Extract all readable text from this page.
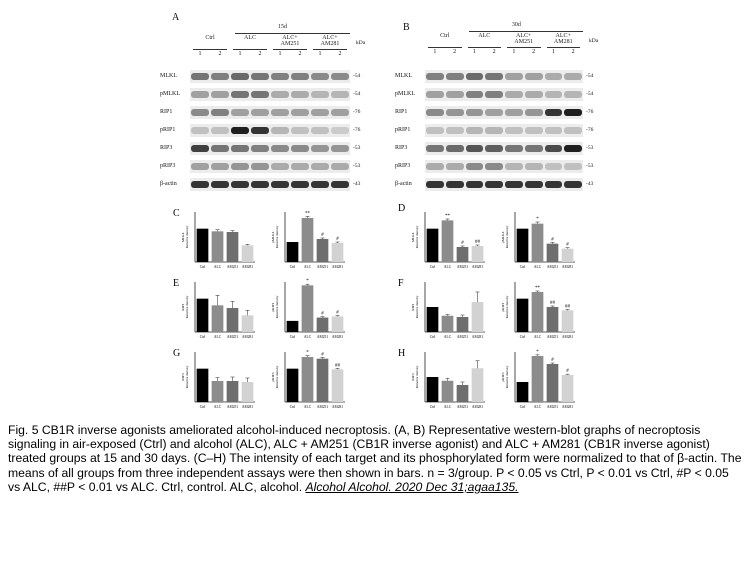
A
15d
Ctrl	ALC	ALC+
AM251
ALC+
AM281
1	2	1	2	1	2	1	2
kDa
MLKL	-54
pMLKL	-54
RIP1	-76
pRIP1	-76
RIP3	-53
pRIP3	-53
β-actin	-43
B	30d
Ctrl	ALC	ALC+
AM251
ALC+
AM281
1	2	1	2	1	2	1	2
kDa
MLKL	-54
pMLKL	-54
RIP1	-76
pRIP1	-76
RIP3	-53
pRIP3	-53
β-actin	-43
C	D
E	F
G	H
MLKL Relative density
Ctrl ALC AM251 AM281
pMLKL Relative density
Ctrl
**
ALC
#
AM251
#
AM281
MLKL Relative density
Ctrl
**
ALC
#
AM251
##
AM281
pMLKL Relative density
Ctrl
*
ALC
#
AM251
#
AM281
RIP1 Relative density
Ctrl ALC AM251 AM281
pRIP1 Relative density
Ctrl
*
ALC
#
AM251
#
AM281
RIP1 Relative density
Ctrl ALC AM251 AM281
pRIP1 Relative density
Ctrl
**
ALC
##
AM251
##
AM281
RIP3 Relative density
Ctrl ALC AM251 AM281
pRIP3 Relative density
Ctrl
*
ALC
#
AM251
##
AM281
RIP3 Relative density
Ctrl ALC AM251 AM281
pRIP3 Relative density
Ctrl
*
ALC
#
AM251
#
AM281
Fig. 5 CB1R inverse agonists ameliorated alcohol-induced necroptosis. (A, B) Representative western-blot graphs of necroptosis signaling in air-exposed (Ctrl) and alcohol (ALC), ALC + AM251 (CB1R inverse agonist) and ALC + AM281 (CB1R inverse agonist) treated groups at 15 and 30 days. (C–H) The intensity of each target and its phosphorylated form were normalized to that of β-actin. The means of all groups from three independent assays were then shown in bars. n = 3/group. P < 0.05 vs Ctrl, P < 0.01 vs Ctrl, #P < 0.05 vs ALC, ##P < 0.01 vs ALC. Ctrl, control. ALC, alcohol. Alcohol Alcohol. 2020 Dec 31;agaa135.
